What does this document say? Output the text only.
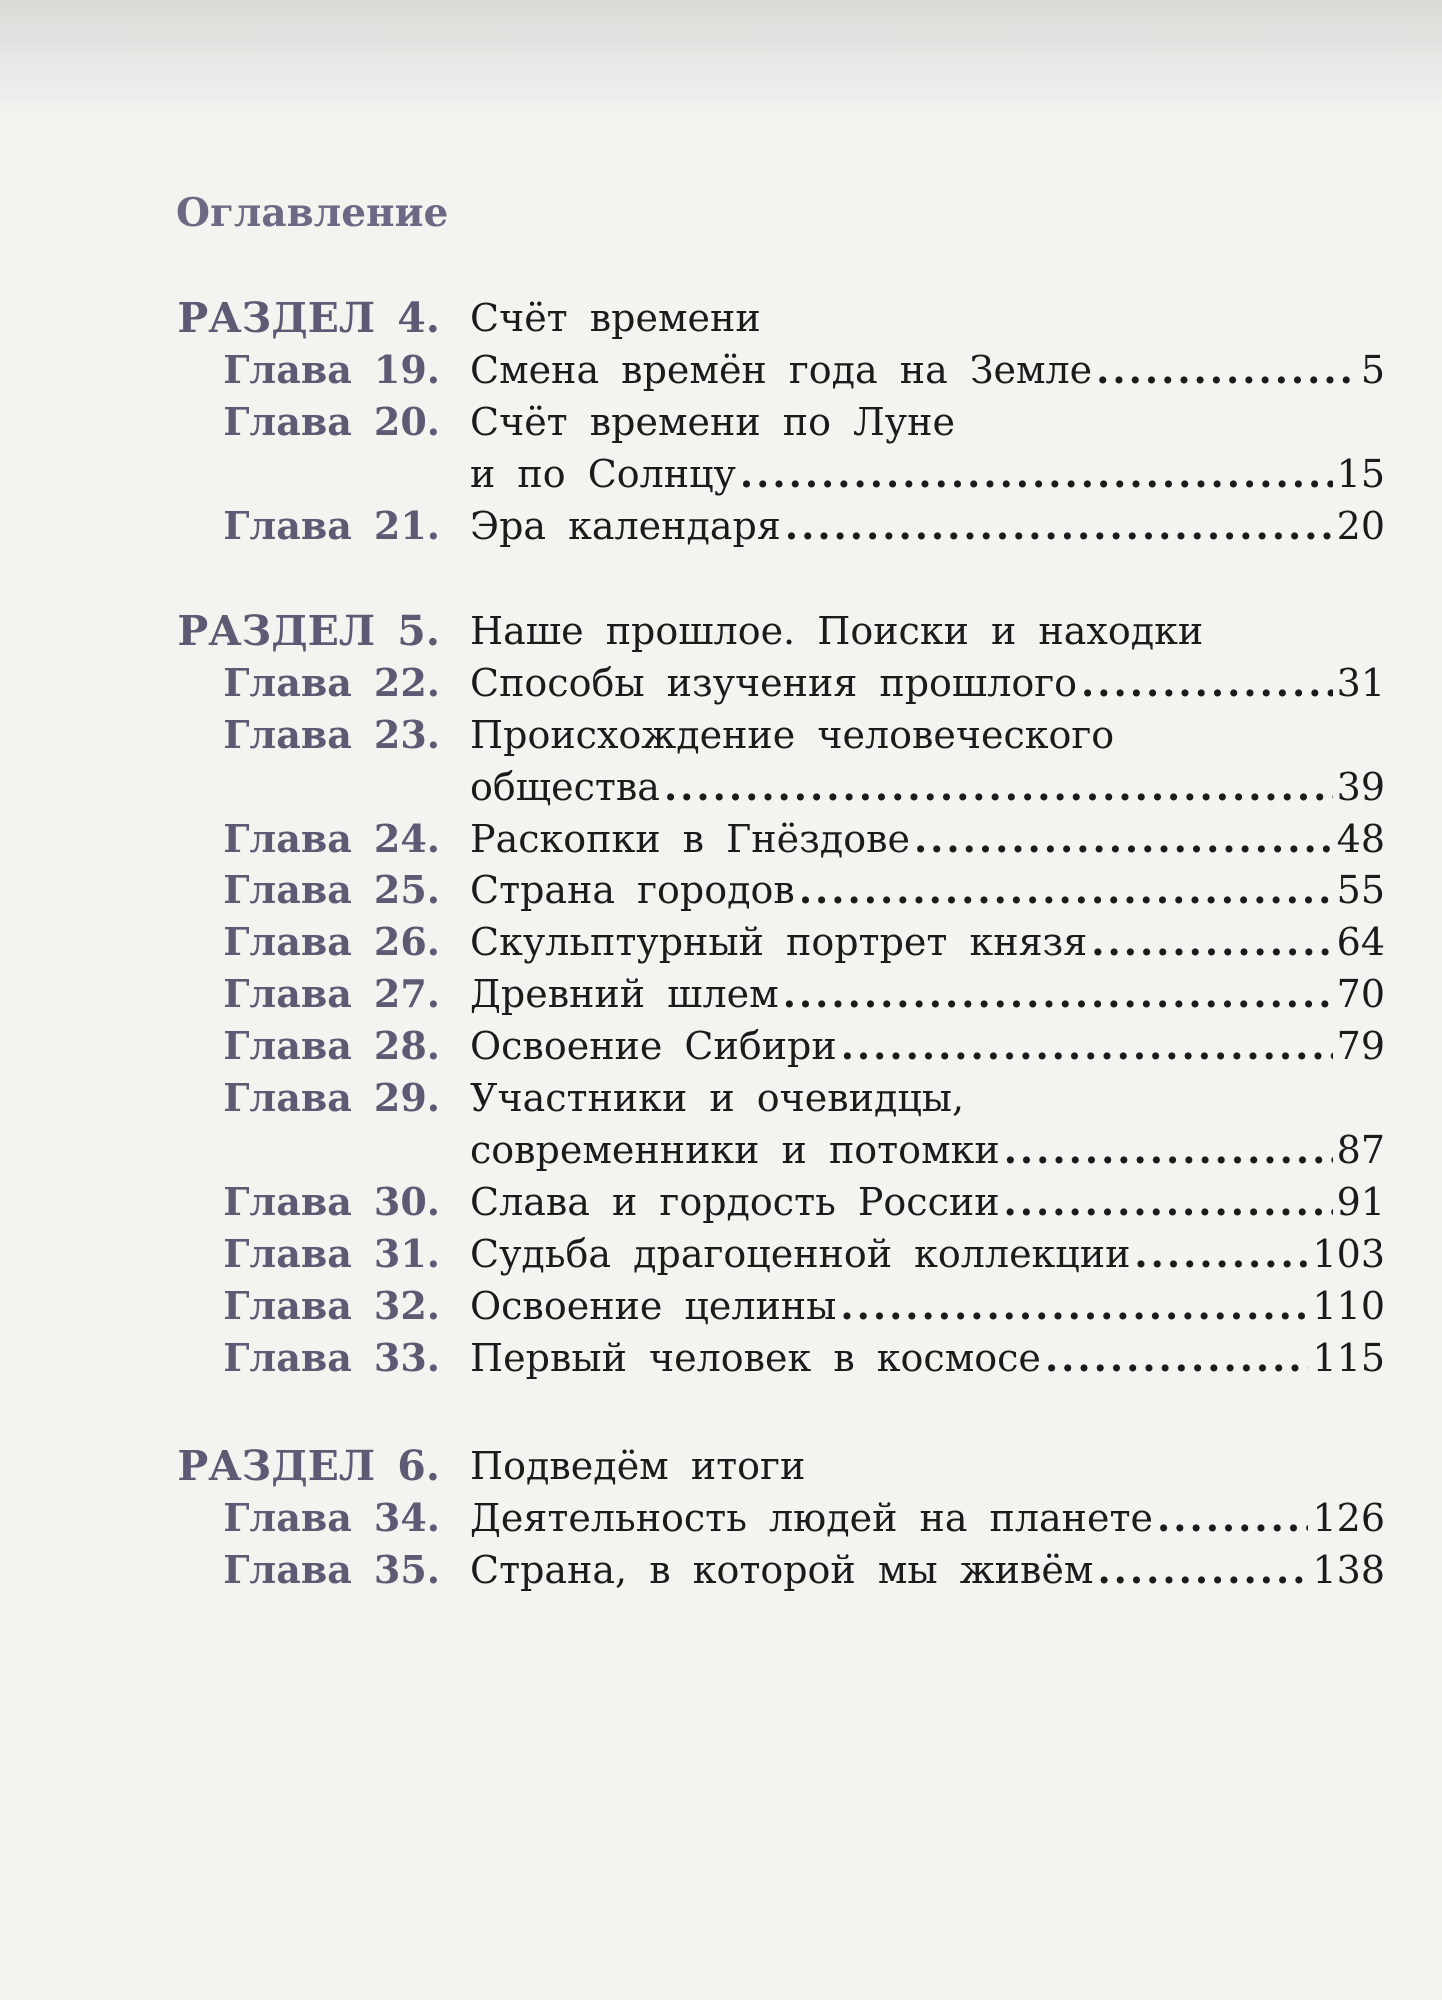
Оглавление
РАЗДЕЛ 4. Счёт времени
Глава 19. Смена времён года на Земле .....	5
Глава 20. Счёт времени по Луне
и по Солнцу .....	15
Глава 21. Эра календаря .....	20
РАЗДЕЛ 5. Наше прошлое. Поиски и находки
Глава 22. Способы изучения прошлого .....	31
Глава 23. Происхождение человеческого
общества .....	39
Глава 24. Раскопки в Гнёздове .....	48
Глава 25. Страна городов .....	55
Глава 26. Скульптурный портрет князя .....	64
Глава 27. Древний шлем .....	70
Глава 28. Освоение Сибири .....	79
Глава 29. Участники и очевидцы,
современники и потомки .....	87
Глава 30. Слава и гордость России .....	91
Глава 31. Судьба драгоценной коллекции .....	103
Глава 32. Освоение целины .....	110
Глава 33. Первый человек в космосе .....	115
РАЗДЕЛ 6. Подведём итоги
Глава 34. Деятельность людей на планете .....	126
Глава 35. Страна, в которой мы живём .....	138
